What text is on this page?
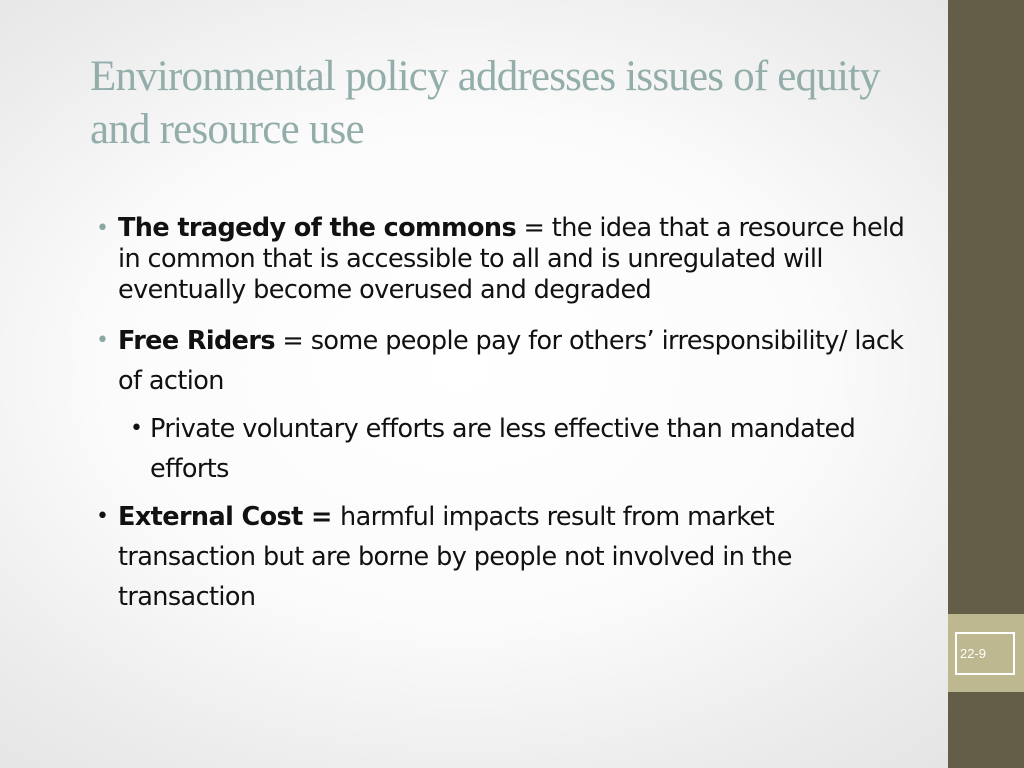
22-9
Environmental policy addresses issues of equity and resource use
• The tragedy of the commons = the idea that a resource held in common that is accessible to all and is unregulated will eventually become overused and degraded
• Free Riders = some people pay for others’ irresponsibility/ lack of action
• Private voluntary efforts are less effective than mandated efforts
• External Cost = harmful impacts result from market transaction but are borne by people not involved in the transaction
